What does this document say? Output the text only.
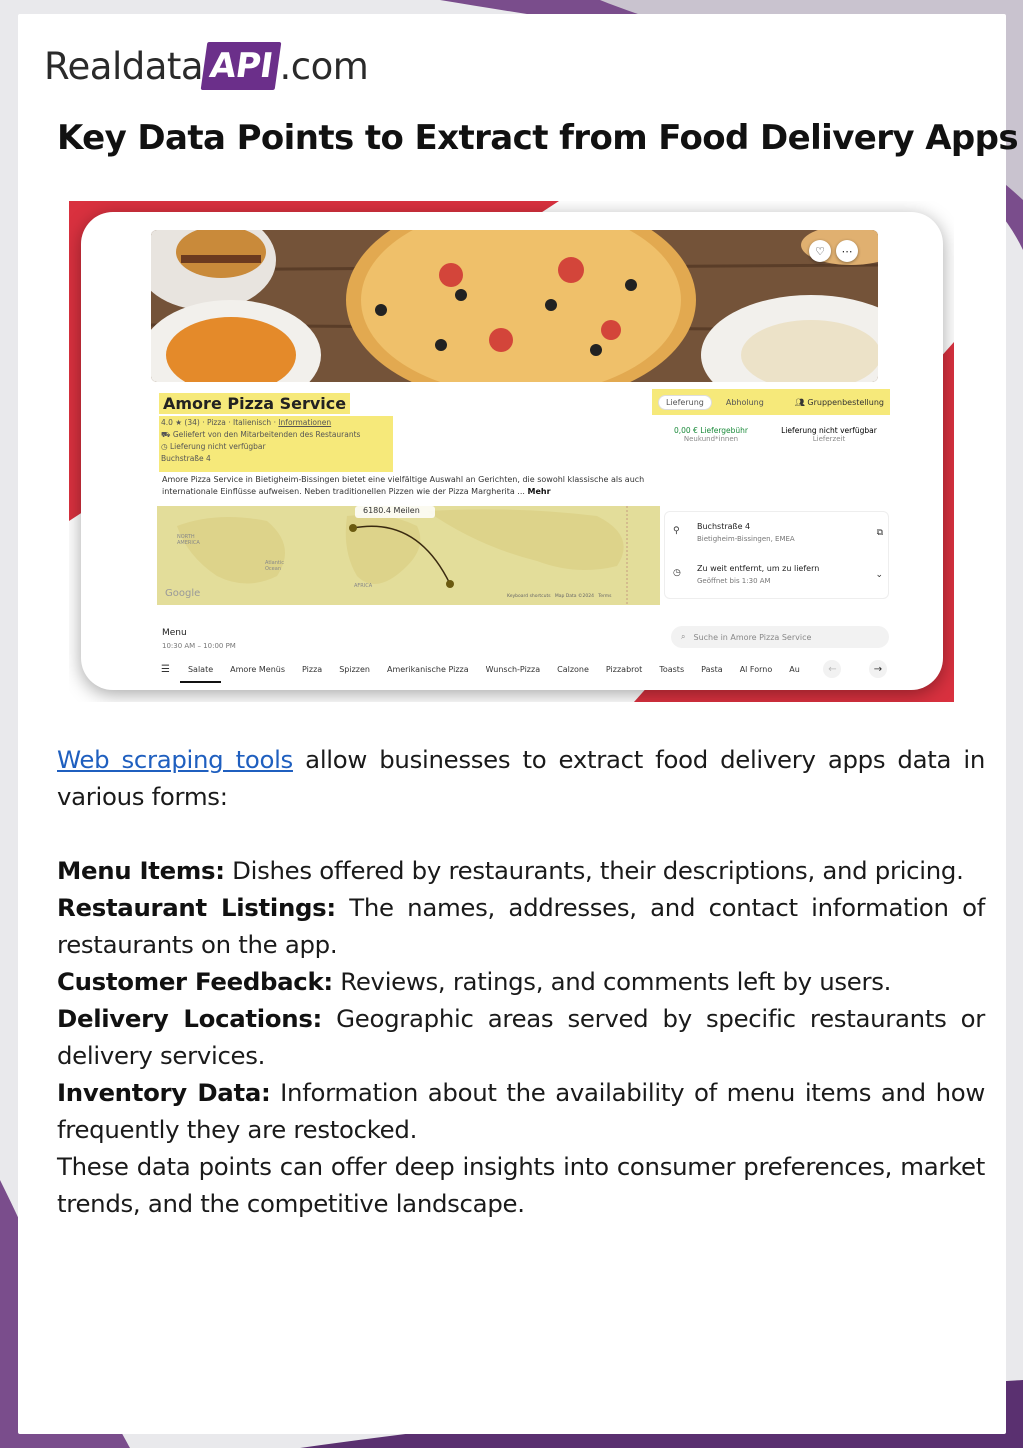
Realdata API .com
Key Data Points to Extract from Food Delivery Apps
♡	⋯
Amore Pizza Service
4.0 ★ (34) · Pizza · Italienisch · Informationen
⛟ Geliefert von den Mitarbeitenden des Restaurants
◷ Lieferung nicht verfügbar
Buchstraße 4
Amore Pizza Service in Bietigheim-Bissingen bietet eine vielfältige Auswahl an Gerichten, die sowohl klassische als auch internationale Einflüsse aufweisen. Neben traditionellen Pizzen wie der Pizza Margherita ... Mehr
Lieferung	Abholung	👥︎ Gruppenbestellung
0,00 € Liefergebühr
Neukund*innen
Lieferung nicht verfügbar
Lieferzeit
6180.4 Meilen
NORTH AMERICA
Atlantic Ocean
AFRICA
Google	Keyboard shortcuts   Map Data ©2024   Terms
⚲ Buchstraße 4
Bietigheim-Bissingen, EMEA
⧉
◷ Zu weit entfernt, um zu liefern
Geöffnet bis 1:30 AM
⌄
Menu
10:30 AM – 10:00 PM
⌕ Suche in Amore Pizza Service
☰ Salate Amore Menüs Pizza Spizzen Amerikanische Pizza Wunsch-Pizza Calzone Pizzabrot Toasts Pasta Al Forno Au	←	→
Web scraping tools allow businesses to extract food delivery apps data in various forms:

Menu Items: Dishes offered by restaurants, their descriptions, and pricing.

Restaurant Listings: The names, addresses, and contact information of restaurants on the app.

Customer Feedback: Reviews, ratings, and comments left by users.

Delivery Locations: Geographic areas served by specific restaurants or delivery services.

Inventory Data: Information about the availability of menu items and how frequently they are restocked.

These data points can offer deep insights into consumer preferences, market trends, and the competitive landscape.
